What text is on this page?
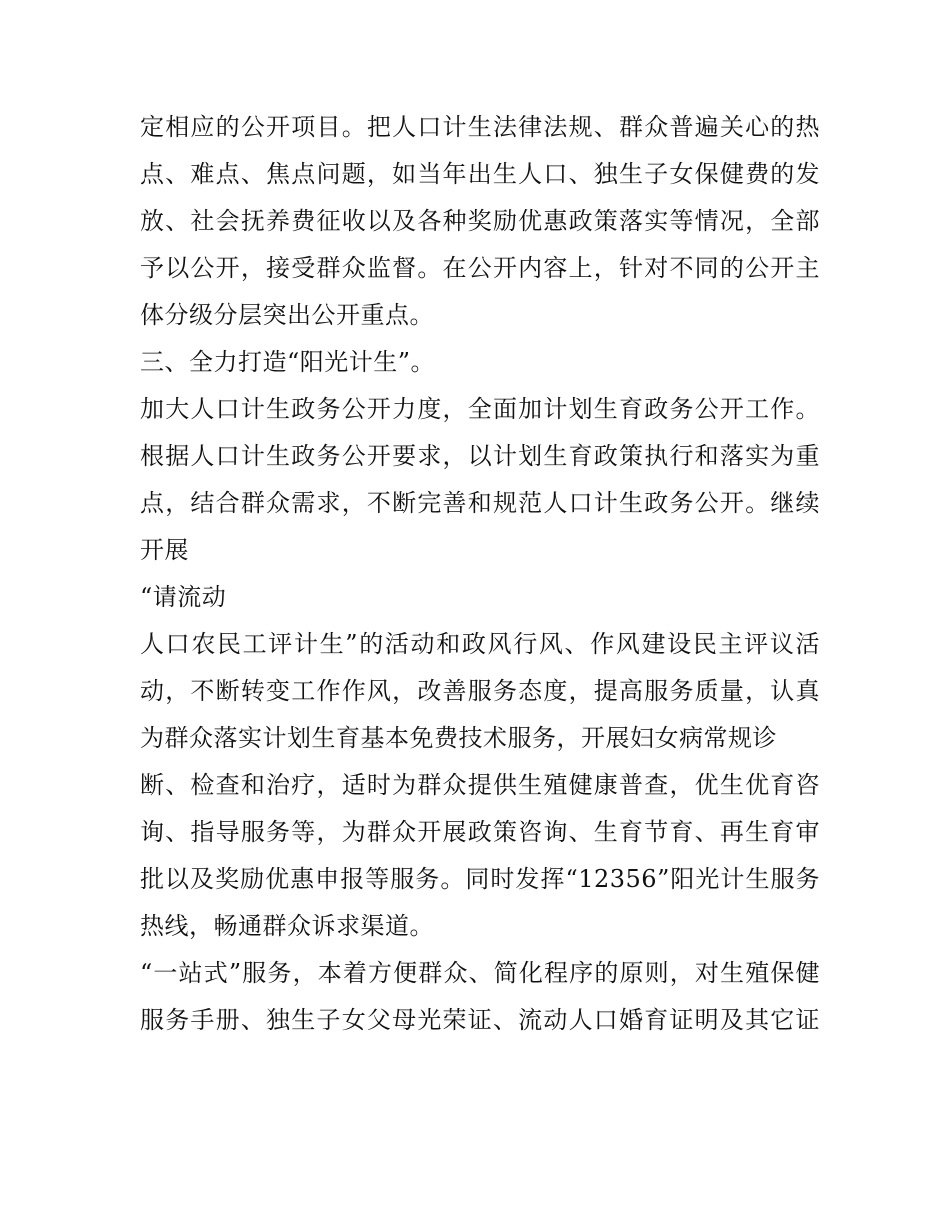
定相应的公开项目。把人口计生法律法规、群众普遍关心的热
点、难点、焦点问题，如当年出生人口、独生子女保健费的发
放、社会抚养费征收以及各种奖励优惠政策落实等情况，全部
予以公开，接受群众监督。在公开内容上，针对不同的公开主
体分级分层突出公开重点。
三、全力打造“阳光计生”。
加大人口计生政务公开力度，全面加计划生育政务公开工作。
根据人口计生政务公开要求，以计划生育政策执行和落实为重
点，结合群众需求，不断完善和规范人口计生政务公开。继续
开展
“请流动
人口农民工评计生”的活动和政风行风、作风建设民主评议活
动，不断转变工作作风，改善服务态度，提高服务质量，认真
为群众落实计划生育基本免费技术服务，开展妇女病常规诊
断、检查和治疗，适时为群众提供生殖健康普查，优生优育咨
询、指导服务等，为群众开展政策咨询、生育节育、再生育审
批以及奖励优惠申报等服务。同时发挥“12356”阳光计生服务
热线，畅通群众诉求渠道。
“一站式”服务，本着方便群众、简化程序的原则，对生殖保健
服务手册、独生子女父母光荣证、流动人口婚育证明及其它证
